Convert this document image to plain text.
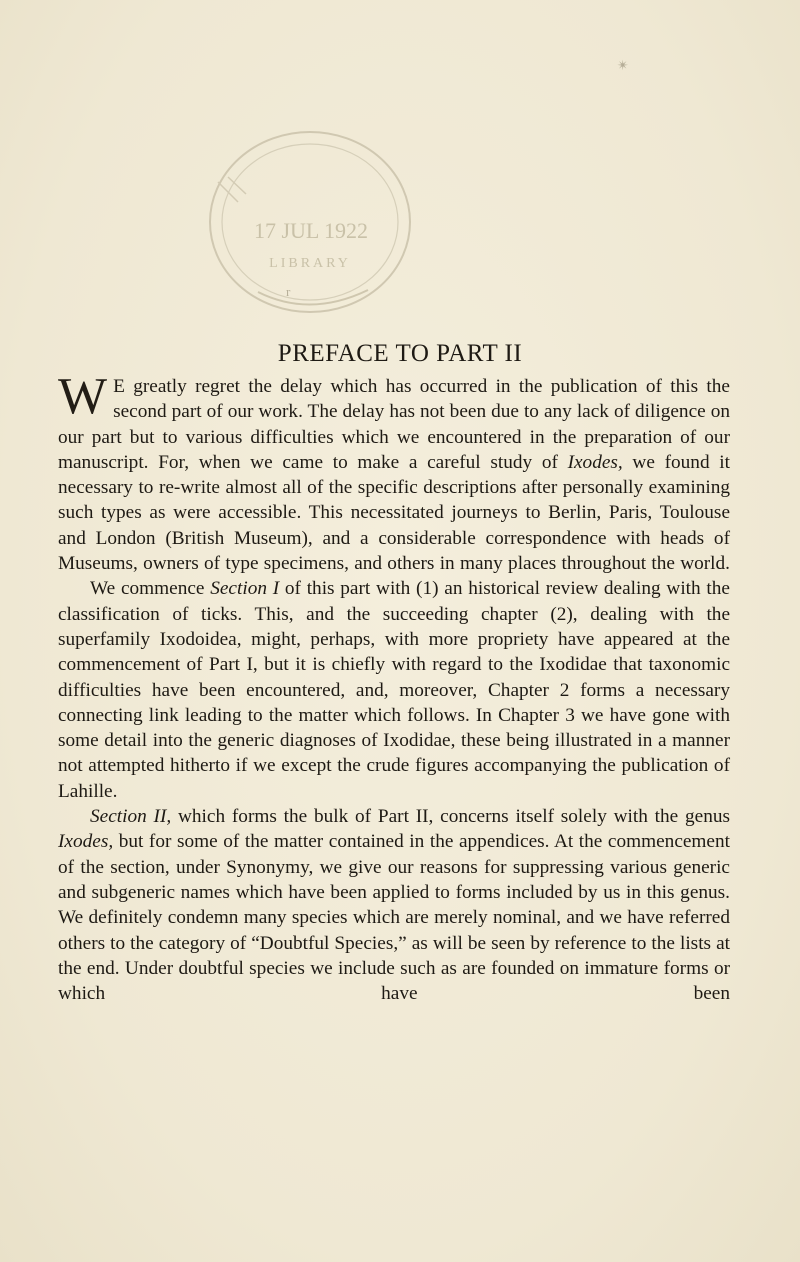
✴
17 JUL 1922
LIBRARY
r
PREFACE TO PART II

W E greatly regret the delay which has occurred in the publication of this the second part of our work. The delay has not been due to any lack of diligence on our part but to various difficulties which we encountered in the preparation of our manuscript. For, when we came to make a careful study of Ixodes, we found it necessary to re-write almost all of the specific descriptions after personally examining such types as were accessible. This necessitated journeys to Berlin, Paris, Toulouse and London (British Museum), and a considerable correspondence with heads of Museums, owners of type specimens, and others in many places throughout the world.

We commence Section I of this part with (1) an historical review dealing with the classification of ticks. This, and the succeeding chapter (2), dealing with the superfamily Ixodoidea, might, perhaps, with more propriety have appeared at the commencement of Part I, but it is chiefly with regard to the Ixodidae that taxonomic difficulties have been encountered, and, moreover, Chapter 2 forms a necessary connecting link leading to the matter which follows. In Chapter 3 we have gone with some detail into the generic diagnoses of Ixodidae, these being illustrated in a manner not attempted hitherto if we except the crude figures accompanying the publication of Lahille.

Section II, which forms the bulk of Part II, concerns itself solely with the genus Ixodes, but for some of the matter contained in the appendices. At the commencement of the section, under Synonymy, we give our reasons for suppressing various generic and subgeneric names which have been applied to forms included by us in this genus. We definitely condemn many species which are merely nominal, and we have referred others to the category of “Doubtful Species,” as will be seen by reference to the lists at the end. Under doubtful species we include such as are founded on immature forms or which have been
